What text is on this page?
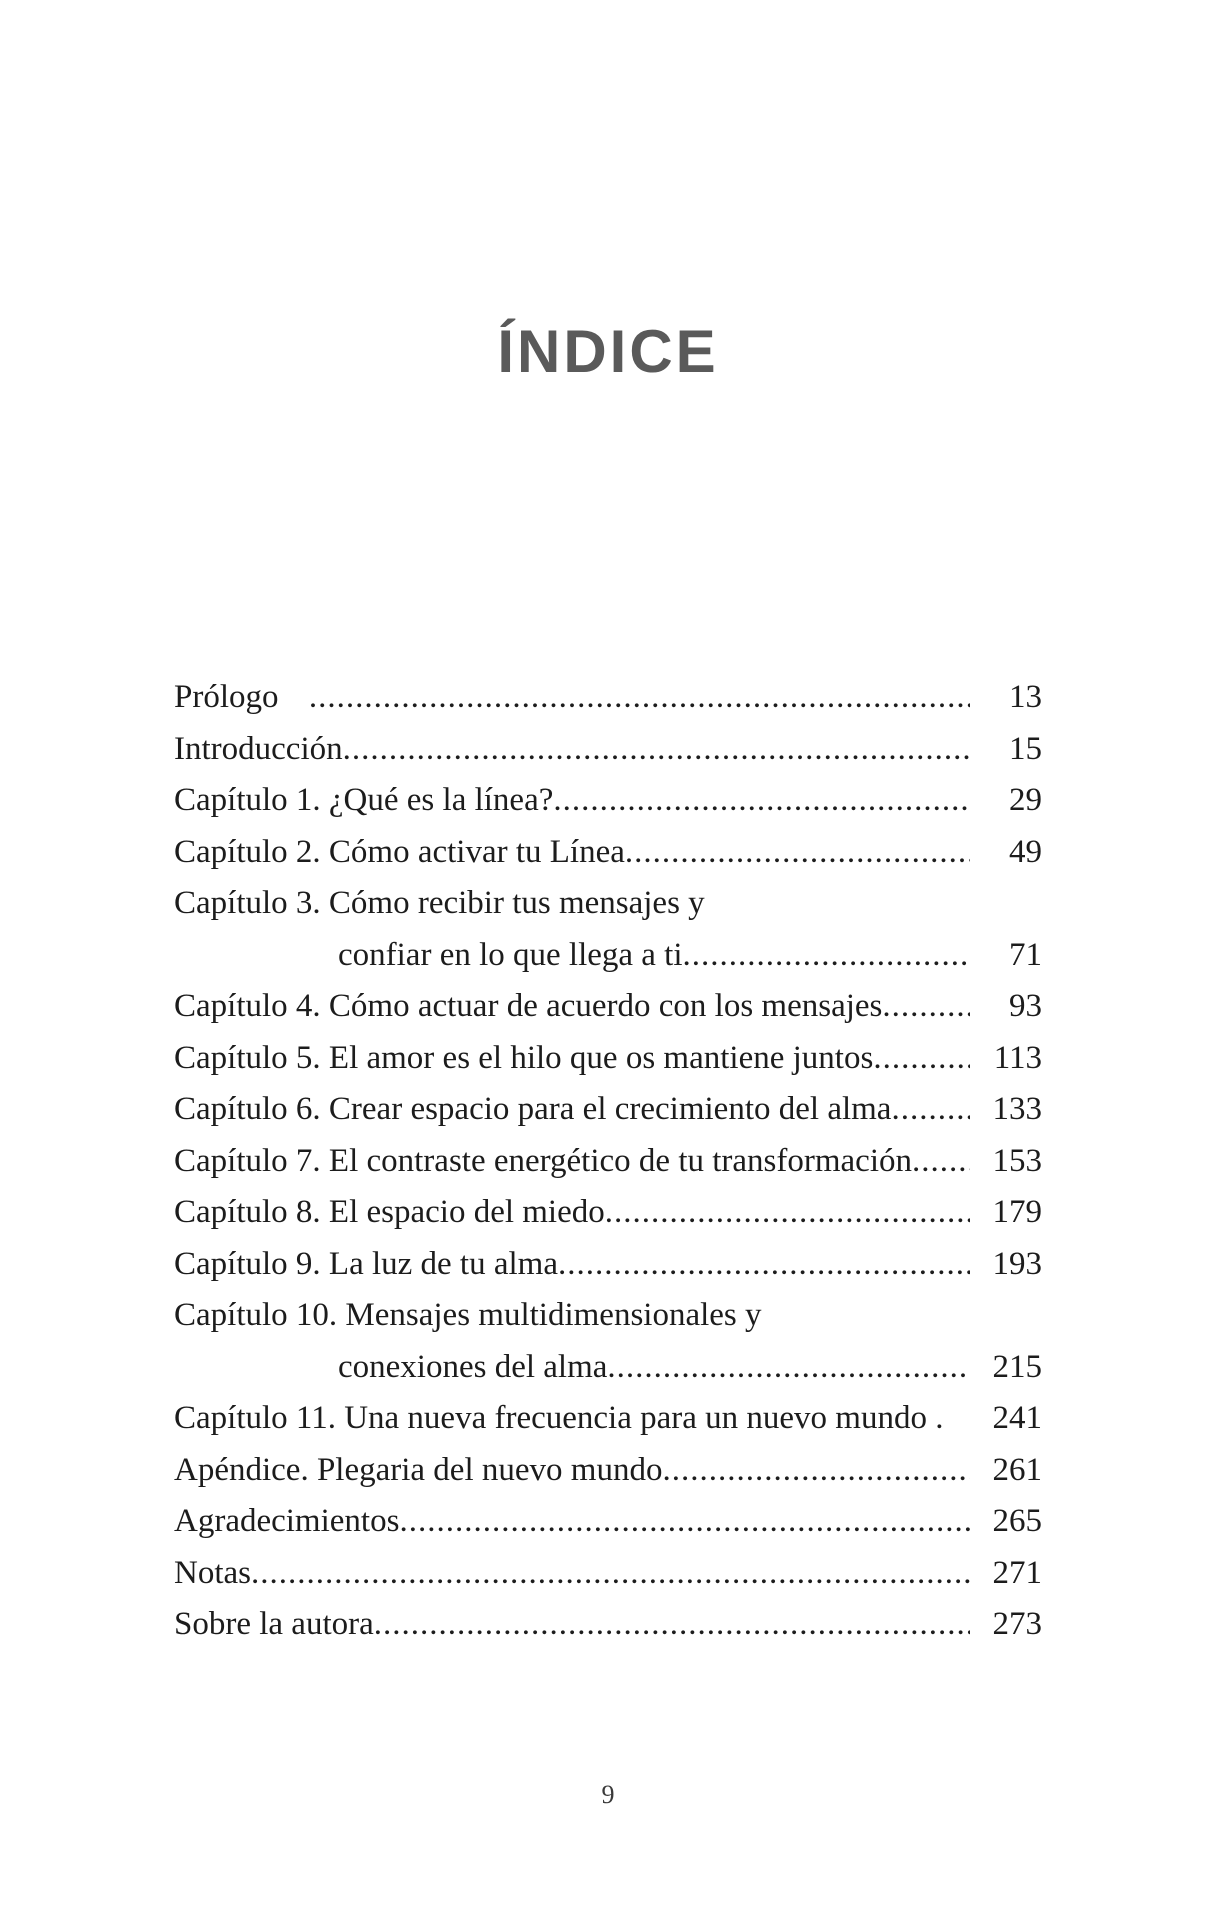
ÍNDICE
Prólogo .....	13
Introducción .....	15
Capítulo 1. ¿Qué es la línea? .....	29
Capítulo 2. Cómo activar tu Línea .....	49
Capítulo 3. Cómo recibir tus mensajes y
confiar en lo que llega a ti .....	71
Capítulo 4. Cómo actuar de acuerdo con los mensajes .....	93
Capítulo 5. El amor es el hilo que os mantiene juntos .....	113
Capítulo 6. Crear espacio para el crecimiento del alma .....	133
Capítulo 7. El contraste energético de tu transformación .....	153
Capítulo 8. El espacio del miedo .....	179
Capítulo 9. La luz de tu alma .....	193
Capítulo 10. Mensajes multidimensionales y
conexiones del alma .....	215
Capítulo 11. Una nueva frecuencia para un nuevo mundo .	241
Apéndice. Plegaria del nuevo mundo .....	261
Agradecimientos .....	265
Notas .....	271
Sobre la autora .....	273
9
